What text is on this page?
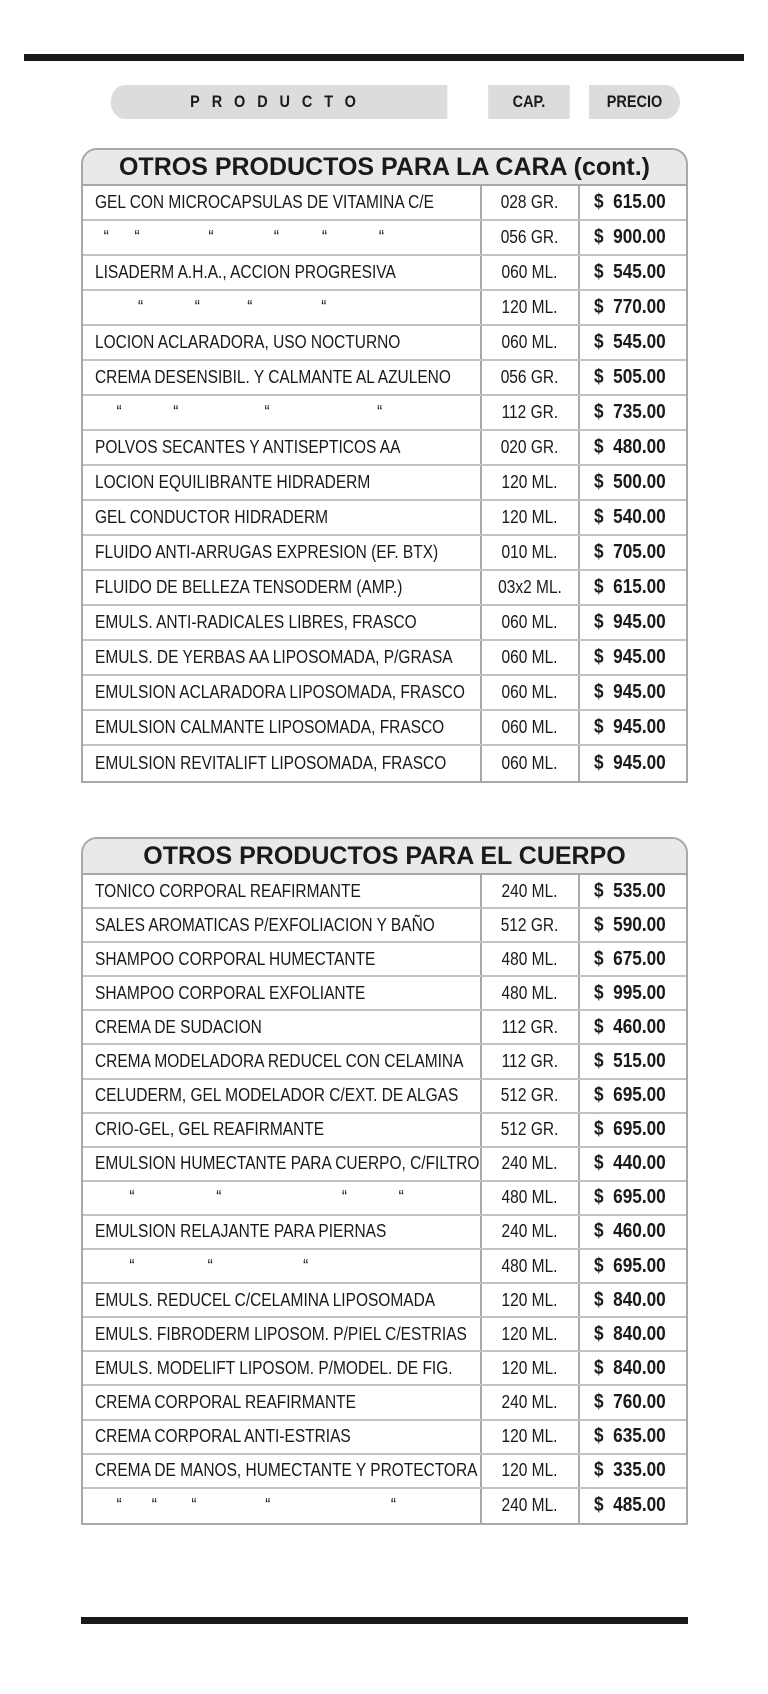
PRODUCTO	CAP.	PRECIO
OTROS PRODUCTOS PARA LA CARA (cont.)
GEL CON MICROCAPSULAS DE VITAMINA C/E	028 GR. $  615.00
“      “                “              “          “            “	056 GR. $  900.00
LISADERM A.H.A., ACCION PROGRESIVA	060 ML. $  545.00
“            “           “                “	120 ML. $  770.00
LOCION ACLARADORA, USO NOCTURNO	060 ML. $  545.00
CREMA DESENSIBIL. Y CALMANTE AL AZULENO	056 GR. $  505.00
“            “                    “                         “	112 GR. $  735.00
POLVOS SECANTES Y ANTISEPTICOS AA	020 GR. $  480.00
LOCION EQUILIBRANTE HIDRADERM	120 ML. $  500.00
GEL CONDUCTOR HIDRADERM	120 ML. $  540.00
FLUIDO ANTI-ARRUGAS EXPRESION (EF. BTX)	010 ML. $  705.00
FLUIDO DE BELLEZA TENSODERM (AMP.)	03x2 ML. $  615.00
EMULS. ANTI-RADICALES LIBRES, FRASCO	060 ML. $  945.00
EMULS. DE YERBAS AA LIPOSOMADA, P/GRASA	060 ML. $  945.00
EMULSION ACLARADORA LIPOSOMADA, FRASCO 060 ML. $  945.00
EMULSION CALMANTE LIPOSOMADA, FRASCO	060 ML. $  945.00
EMULSION REVITALIFT LIPOSOMADA, FRASCO	060 ML. $  945.00
OTROS PRODUCTOS PARA EL CUERPO
TONICO CORPORAL REAFIRMANTE	240 ML. $  535.00
SALES AROMATICAS P/EXFOLIACION Y BAÑO	512 GR. $  590.00
SHAMPOO CORPORAL HUMECTANTE	480 ML. $  675.00
SHAMPOO CORPORAL EXFOLIANTE	480 ML. $  995.00
CREMA DE SUDACION	112 GR. $  460.00
CREMA MODELADORA REDUCEL CON CELAMINA 112 GR. $  515.00
CELUDERM, GEL MODELADOR C/EXT. DE ALGAS 512 GR. $  695.00
CRIO-GEL, GEL REAFIRMANTE	512 GR. $  695.00
EMULSION HUMECTANTE PARA CUERPO, C/FILTRO 240 ML. $  440.00
“                   “                            “            “	480 ML. $  695.00
EMULSION RELAJANTE PARA PIERNAS	240 ML. $  460.00
“                 “                     “	480 ML. $  695.00
EMULS. REDUCEL C/CELAMINA LIPOSOMADA	120 ML. $  840.00
EMULS. FIBRODERM LIPOSOM. P/PIEL C/ESTRIAS 120 ML. $  840.00
EMULS. MODELIFT LIPOSOM. P/MODEL. DE FIG.	120 ML. $  840.00
CREMA CORPORAL REAFIRMANTE	240 ML. $  760.00
CREMA CORPORAL ANTI-ESTRIAS	120 ML. $  635.00
CREMA DE MANOS, HUMECTANTE Y PROTECTORA 120 ML. $  335.00
“       “        “                “                            “	240 ML. $  485.00
